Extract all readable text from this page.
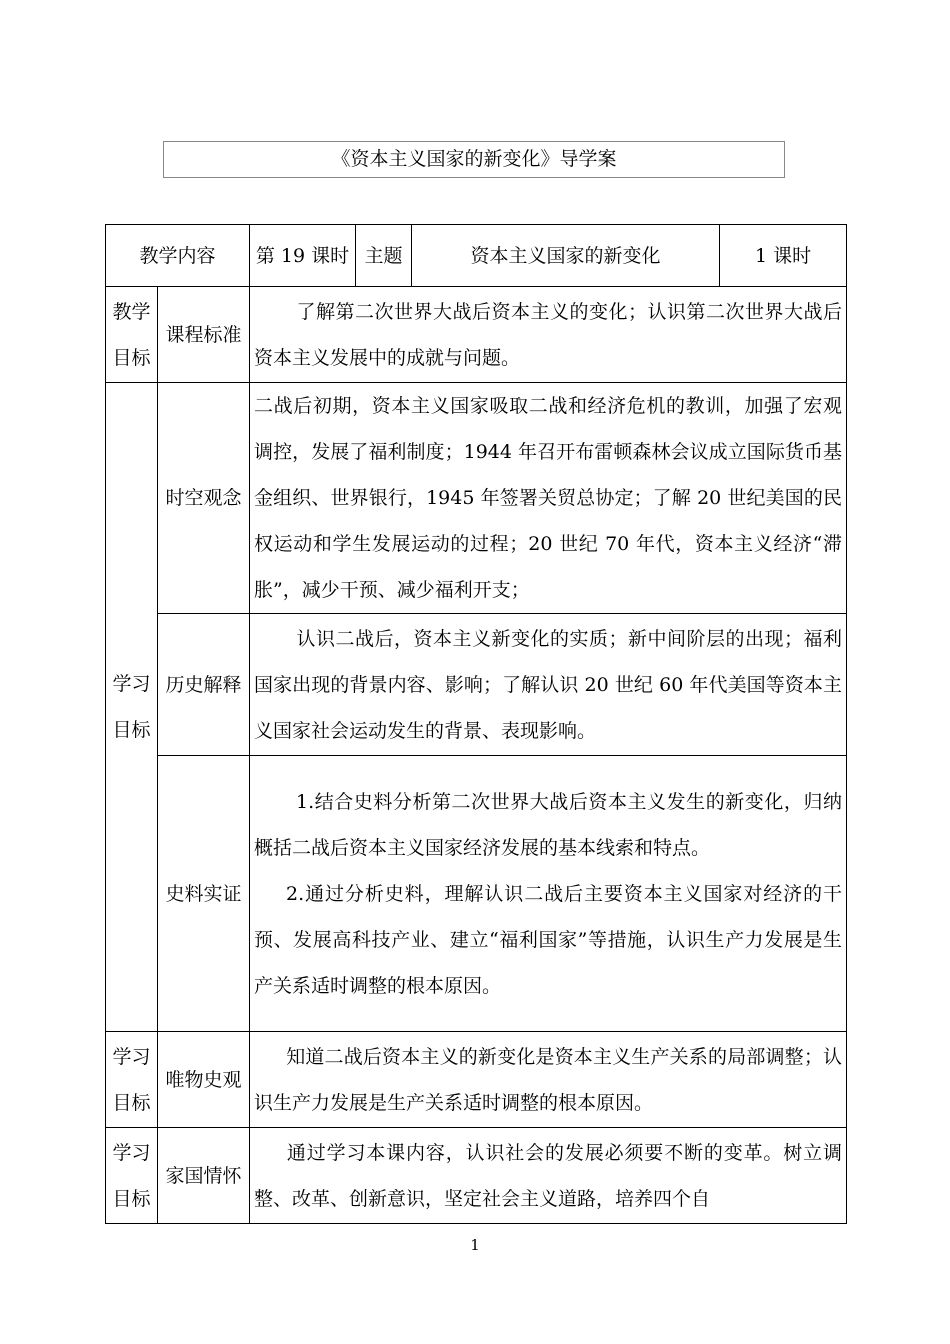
《资本主义国家的新变化》导学案
教学内容		第 19 课时	主题	资本主义国家的新变化	1 课时
教学目标	课程标准	了解第二次世界大战后资本主义的变化；认识第二次世界大战后资本主义发展中的成就与问题。			
学习目标	时空观念	二战后初期，资本主义国家吸取二战和经济危机的教训，加强了宏观调控，发展了福利制度；1944 年召开布雷顿森林会议成立国际货币基金组织、世界银行，1945 年签署关贸总协定；了解 20 世纪美国的民权运动和学生发展运动的过程；20 世纪 70 年代，资本主义经济“滞胀”，减少干预、减少福利开支；			
	历史解释	认识二战后，资本主义新变化的实质；新中间阶层的出现；福利国家出现的背景内容、影响；了解认识 20 世纪 60 年代美国等资本主义国家社会运动发生的背景、表现影响。			
	史料实证	1.结合史料分析第二次世界大战后资本主义发生的新变化，归纳概括二战后资本主义国家经济发展的基本线索和特点。
2.通过分析史料，理解认识二战后主要资本主义国家对经济的干预、发展高科技产业、建立“福利国家”等措施，认识生产力发展是生产关系适时调整的根本原因。			

学习目标	唯物史观	知道二战后资本主义的新变化是资本主义生产关系的局部调整；认识生产力发展是生产关系适时调整的根本原因。			
学习目标	家国情怀	通过学习本课内容，认识社会的发展必须要不断的变革。树立调整、改革、创新意识，坚定社会主义道路，培养四个自			
1
